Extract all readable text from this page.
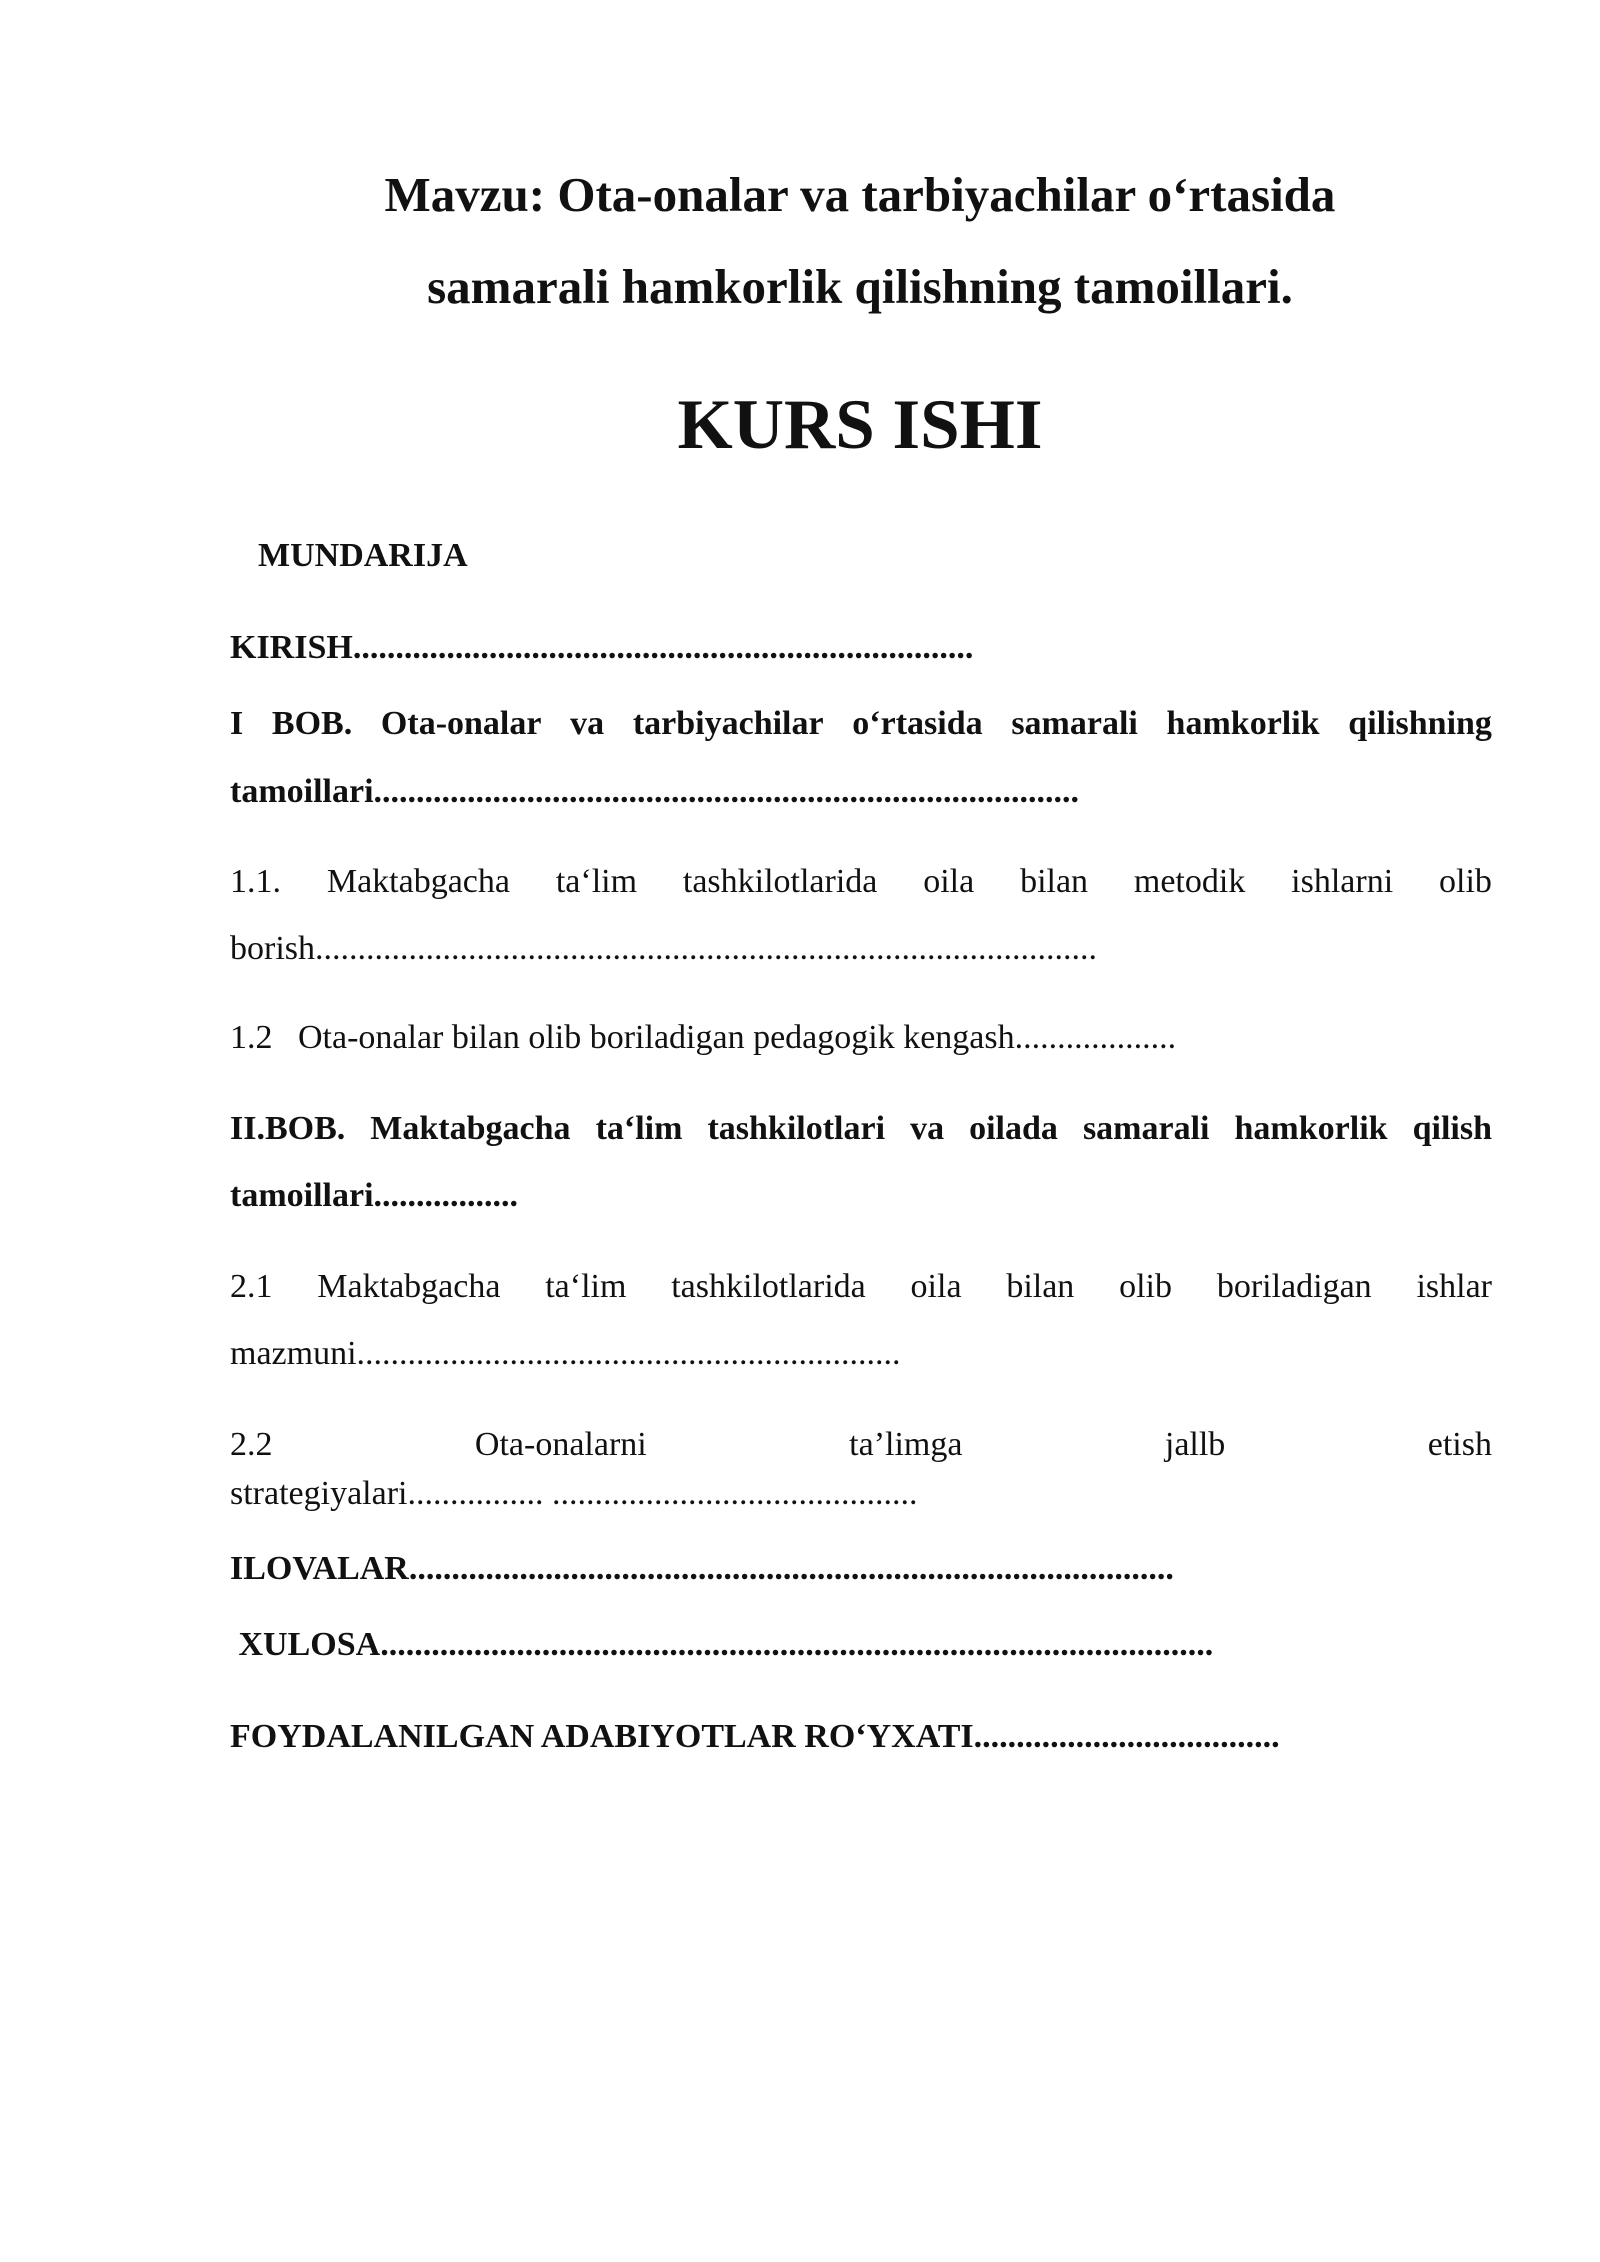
Mavzu: Ota-onalar va tarbiyachilar o‘rtasida

samarali hamkorlik qilishning tamoillari.

KURS ISHI

MUNDARIJA
KIRISH.........................................................................
I BOB. Ota-onalar va tarbiyachilar o‘rtasida samarali hamkorlik qilishning
tamoillari...................................................................................
1.1. Maktabgacha ta‘lim tashkilotlarida oila bilan metodik ishlarni olib
borish............................................................................................
1.2   Ota-onalar bilan olib boriladigan pedagogik kengash...................
II.BOB. Maktabgacha ta‘lim tashkilotlari va oilada samarali hamkorlik qilish
tamoillari.................
2.1 Maktabgacha ta‘lim tashkilotlarida oila bilan olib boriladigan ishlar
mazmuni................................................................
2.2	Ota-onalarni	ta’limga	jallb	etish
strategiyalari................ ...........................................
ILOVALAR..........................................................................................
XULOSA..................................................................................................
FOYDALANILGAN ADABIYOTLAR RO‘YXATI....................................
